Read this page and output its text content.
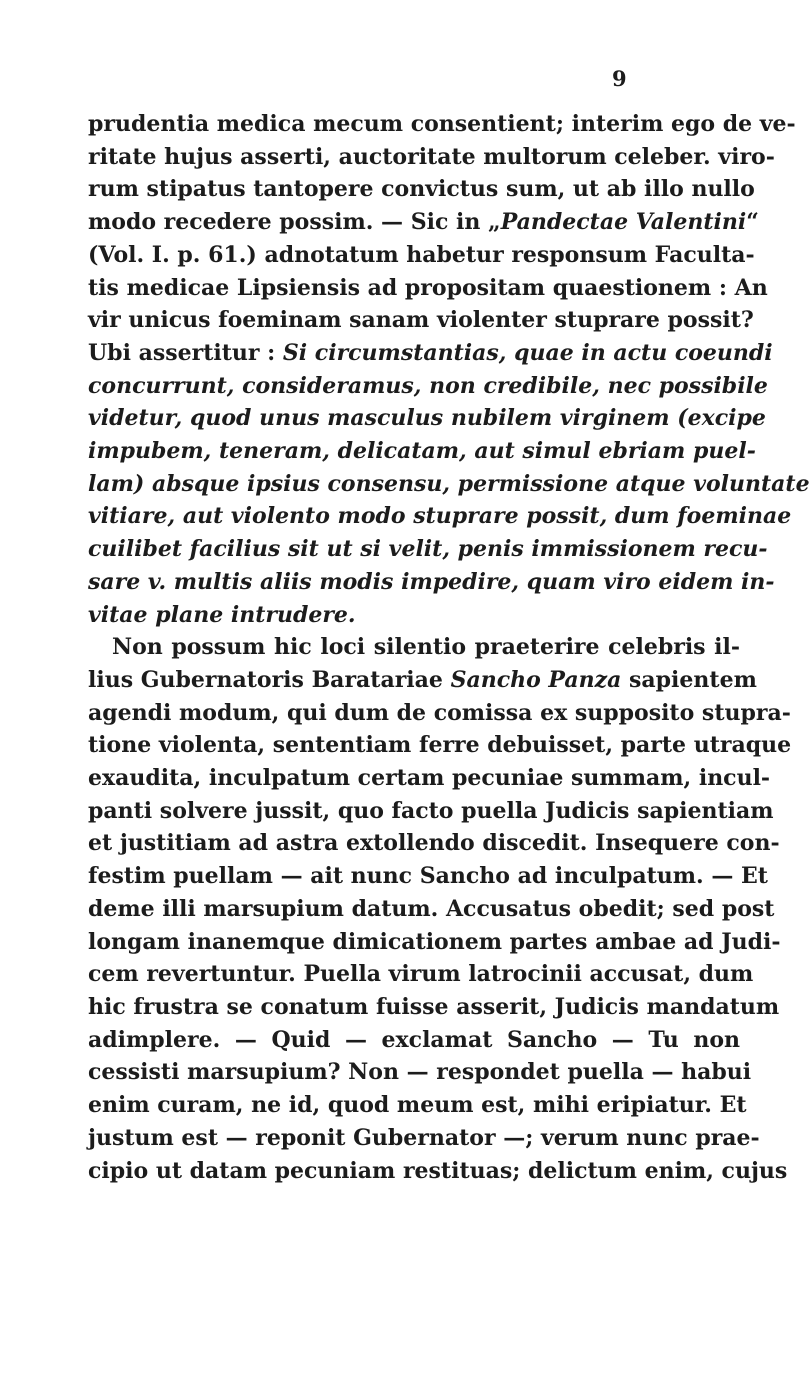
9
prudentia medica mecum consentient; interim ego de ve-
ritate hujus asserti, auctoritate multorum celeber. viro-
rum stipatus tantopere convictus sum, ut ab illo nullo
modo recedere possim. — Sic in „Pandectae Valentini“
(Vol. I. p. 61.) adnotatum habetur responsum Faculta-
tis medicae Lipsiensis ad propositam quaestionem : An
vir unicus foeminam sanam violenter stuprare possit?
Ubi assertitur : Si circumstantias, quae in actu coeundi
concurrunt, consideramus, non credibile, nec possibile
videtur, quod unus masculus nubilem virginem (excipe
impubem, teneram, delicatam, aut simul ebriam puel-
lam) absque ipsius consensu, permissione atque voluntate
vitiare, aut violento modo stuprare possit, dum foeminae
cuilibet facilius sit ut si velit, penis immissionem recu-
sare v. multis aliis modis impedire, quam viro eidem in-
vitae plane intrudere.
Non possum hic loci silentio praeterire celebris il-
lius Gubernatoris Baratariae Sancho Panza sapientem
agendi modum, qui dum de comissa ex supposito stupra-
tione violenta, sententiam ferre debuisset, parte utraque
exaudita, inculpatum certam pecuniae summam, incul-
panti solvere jussit, quo facto puella Judicis sapientiam
et justitiam ad astra extollendo discedit. Insequere con-
festim puellam — ait nunc Sancho ad inculpatum. — Et
deme illi marsupium datum. Accusatus obedit; sed post
longam inanemque dimicationem partes ambae ad Judi-
cem revertuntur. Puella virum latrocinii accusat, dum
hic frustra se conatum fuisse asserit, Judicis mandatum
adimplere. — Quid — exclamat Sancho — Tu non
cessisti marsupium? Non — respondet puella — habui
enim curam, ne id, quod meum est, mihi eripiatur. Et
justum est — reponit Gubernator —; verum nunc prae-
cipio ut datam pecuniam restituas; delictum enim, cujus
